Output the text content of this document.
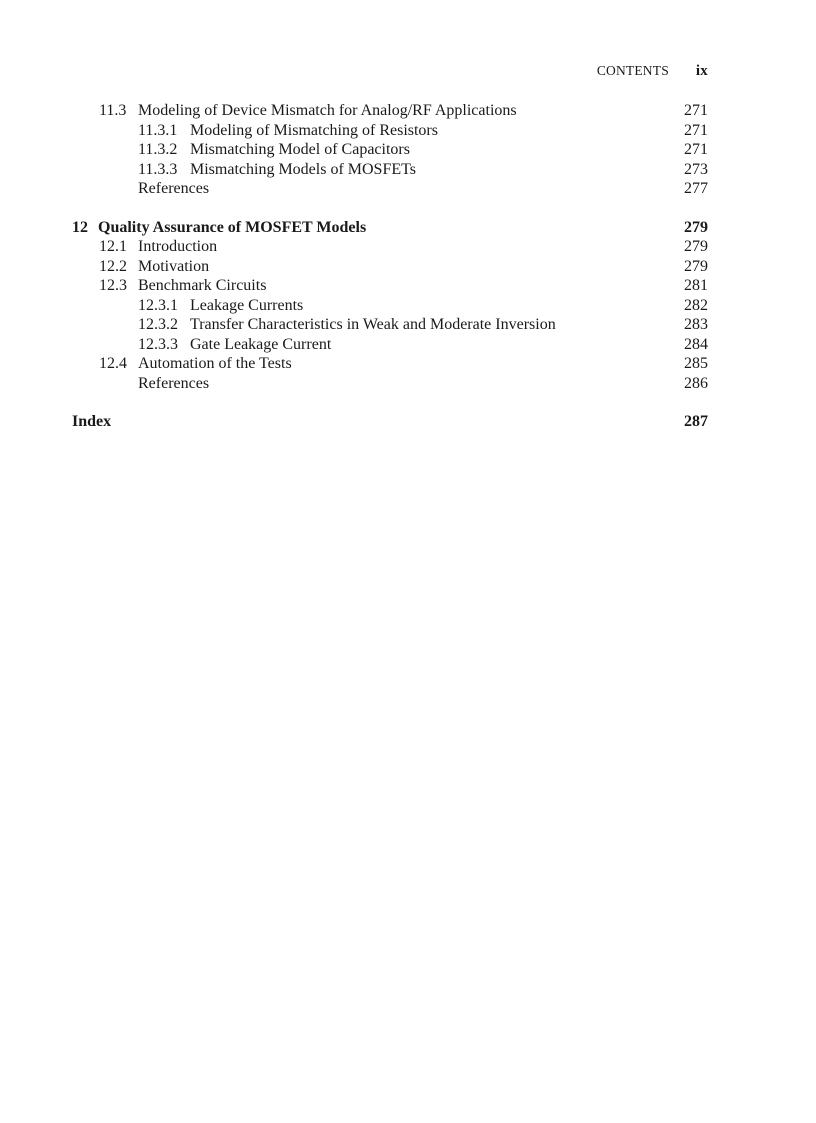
CONTENTS ix
11.3 Modeling of Device Mismatch for Analog/RF Applications	271
11.3.1 Modeling of Mismatching of Resistors	271
11.3.2 Mismatching Model of Capacitors	271
11.3.3 Mismatching Models of MOSFETs	273
References	277
12 Quality Assurance of MOSFET Models	279
12.1 Introduction	279
12.2 Motivation	279
12.3 Benchmark Circuits	281
12.3.1 Leakage Currents	282
12.3.2 Transfer Characteristics in Weak and Moderate Inversion	283
12.3.3 Gate Leakage Current	284
12.4 Automation of the Tests	285
References	286
Index	287
